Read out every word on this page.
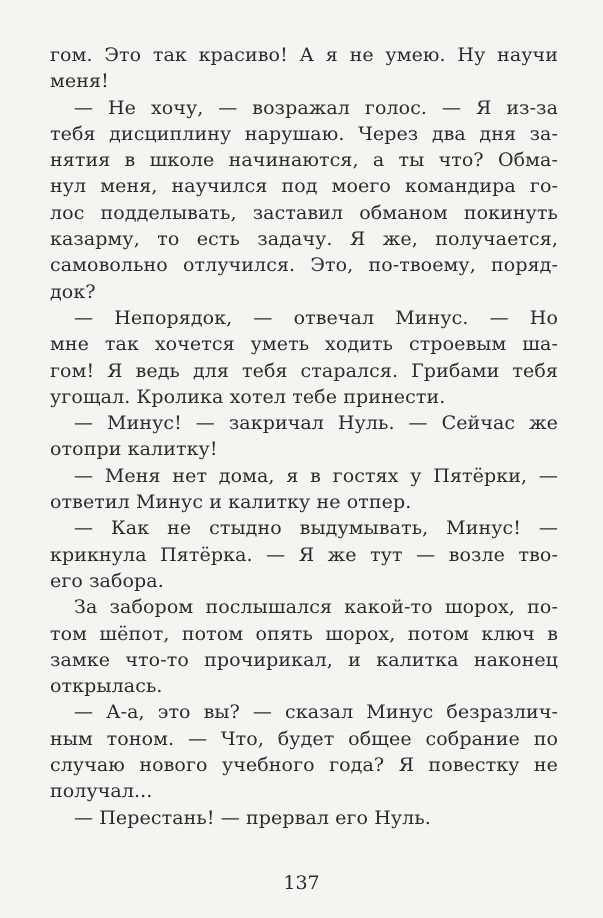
гом. Это так красиво! А я не умею. Ну научи
меня!
— Не хочу, — возражал голос. — Я из-за
тебя дисциплину нарушаю. Через два дня за-
нятия в школе начинаются, а ты что? Обма-
нул меня, научился под моего командира го-
лос подделывать, заставил обманом покинуть
казарму, то есть задачу. Я же, получается,
самовольно отлучился. Это, по-твоему, поряд-
док?
— Непорядок, — отвечал Минус. — Но
мне так хочется уметь ходить строевым ша-
гом! Я ведь для тебя старался. Грибами тебя
угощал. Кролика хотел тебе принести.
— Минус! — закричал Нуль. — Сейчас же
отопри калитку!
— Меня нет дома, я в гостях у Пятёрки, —
ответил Минус и калитку не отпер.
— Как не стыдно выдумывать, Минус! —
крикнула Пятёрка. — Я же тут — возле тво-
его забора.
За забором послышался какой-то шорох, по-
том шёпот, потом опять шорох, потом ключ в
замке что-то прочирикал, и калитка наконец
открылась.
— А-а, это вы? — сказал Минус безразлич-
ным тоном. — Что, будет общее собрание по
случаю нового учебного года? Я повестку не
получал...
— Перестань! — прервал его Нуль.
137
